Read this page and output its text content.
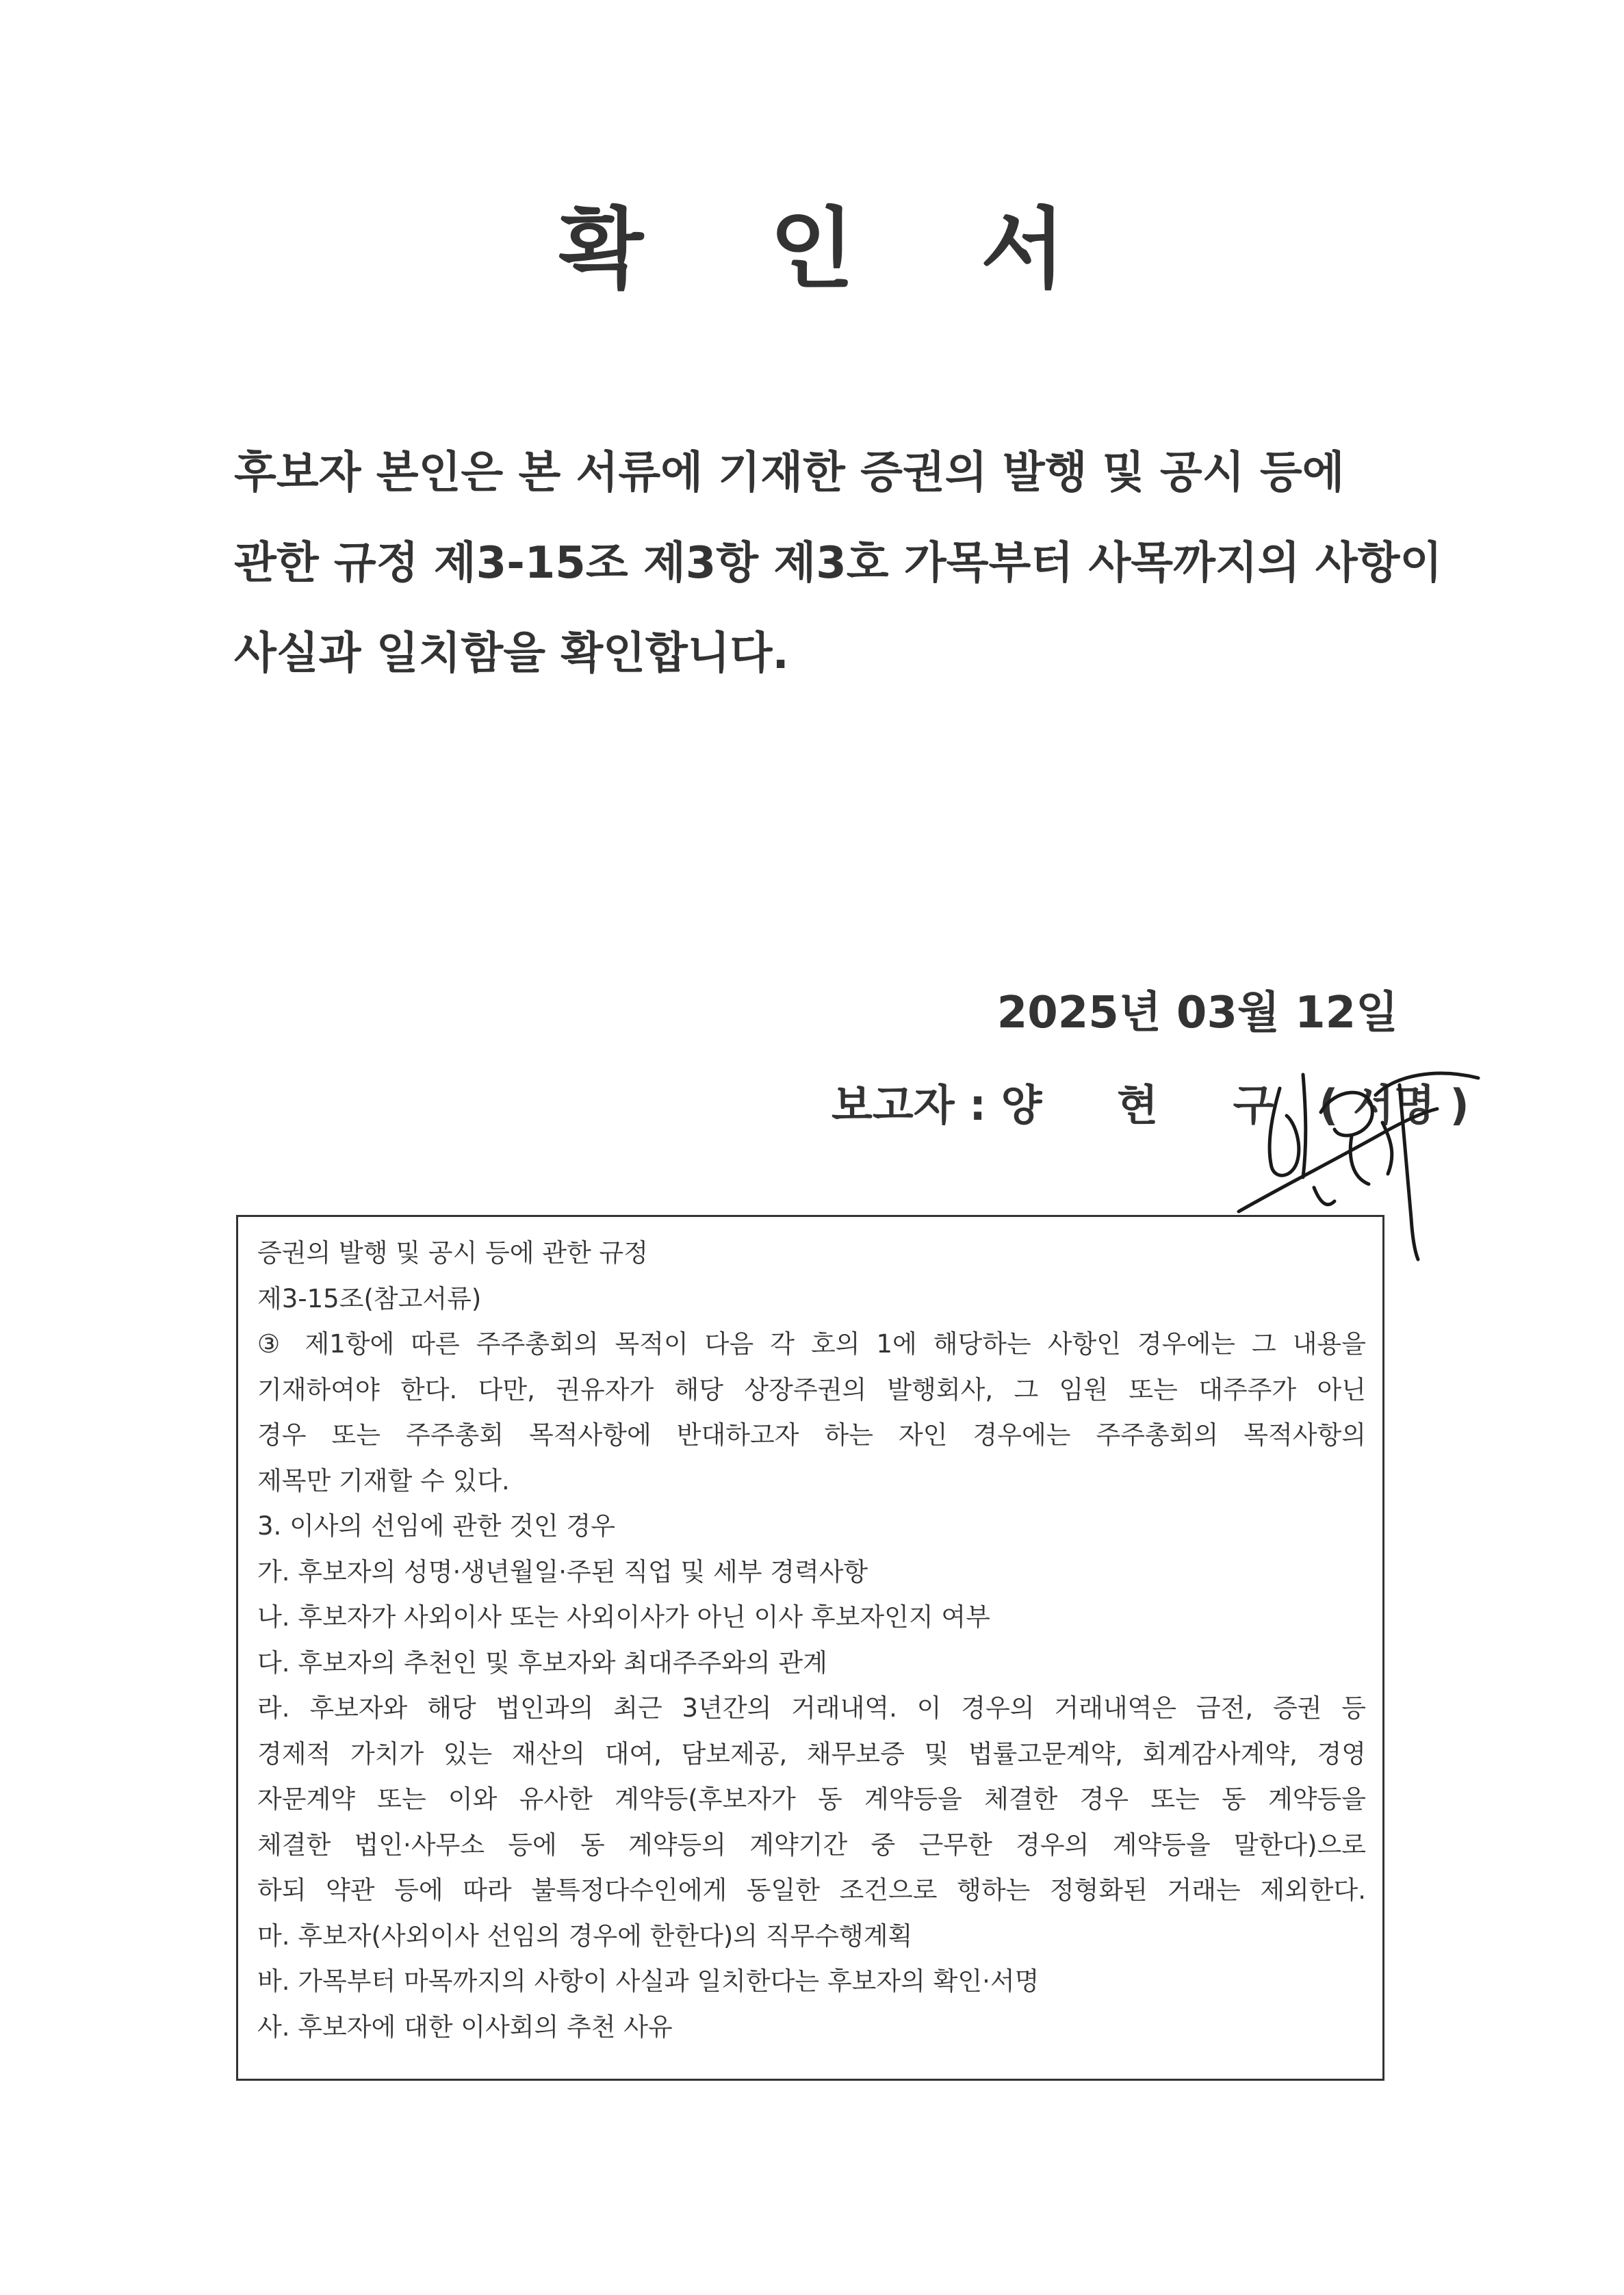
확 인 서
후보자 본인은 본 서류에 기재한 증권의 발행 및 공시 등에
관한 규정 제3-15조 제3항 제3호 가목부터 사목까지의 사항이
사실과 일치함을 확인합니다.
2025년 03월 12일
보고자 : 양 현 구 ( 서명 )
증권의 발행 및 공시 등에 관한 규정
제3-15조(참고서류)
③ 제1항에 따른 주주총회의 목적이 다음 각 호의 1에 해당하는 사항인 경우에는 그 내용을
기재하여야 한다. 다만, 권유자가 해당 상장주권의 발행회사, 그 임원 또는 대주주가 아닌
경우 또는 주주총회 목적사항에 반대하고자 하는 자인 경우에는 주주총회의 목적사항의
제목만 기재할 수 있다.
3. 이사의 선임에 관한 것인 경우
가. 후보자의 성명·생년월일·주된 직업 및 세부 경력사항
나. 후보자가 사외이사 또는 사외이사가 아닌 이사 후보자인지 여부
다. 후보자의 추천인 및 후보자와 최대주주와의 관계
라. 후보자와 해당 법인과의 최근 3년간의 거래내역. 이 경우의 거래내역은 금전, 증권 등
경제적 가치가 있는 재산의 대여, 담보제공, 채무보증 및 법률고문계약, 회계감사계약, 경영
자문계약 또는 이와 유사한 계약등(후보자가 동 계약등을 체결한 경우 또는 동 계약등을
체결한 법인·사무소 등에 동 계약등의 계약기간 중 근무한 경우의 계약등을 말한다)으로
하되 약관 등에 따라 불특정다수인에게 동일한 조건으로 행하는 정형화된 거래는 제외한다.
마. 후보자(사외이사 선임의 경우에 한한다)의 직무수행계획
바. 가목부터 마목까지의 사항이 사실과 일치한다는 후보자의 확인·서명
사. 후보자에 대한 이사회의 추천 사유
